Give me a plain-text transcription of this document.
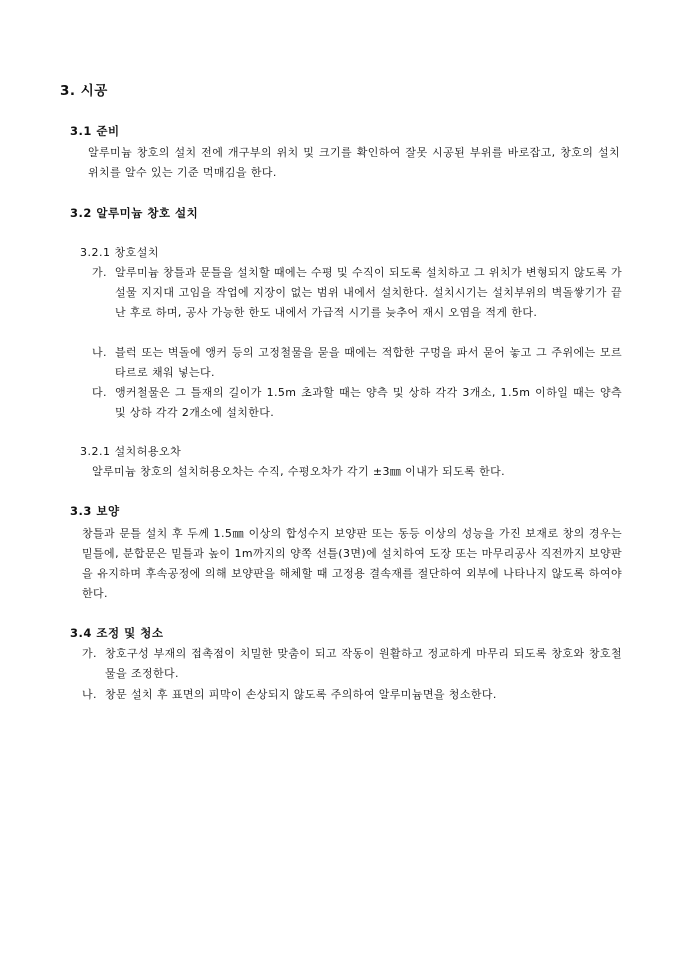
3. 시공
3.1 준비
알루미늄 창호의 설치 전에 개구부의 위치 및 크기를 확인하여 잘못 시공된 부위를 바로잡고, 창호의 설치위치를 알수 있는 기준 먹매김을 한다.
3.2 알루미늄 창호 설치
3.2.1 창호설치
가. 알루미늄 창틀과 문틀을 설치할 때에는 수평 및 수직이 되도록 설치하고 그 위치가 변형되지 않도록 가설물 지지대 고임을 작업에 지장이 없는 범위 내에서 설치한다. 설치시기는 설치부위의 벽돌쌓기가 끝난 후로 하며, 공사 가능한 한도 내에서 가급적 시기를 늦추어 재시 오염을 적게 한다.
나. 블럭 또는 벽돌에 앵커 등의 고정철물을 묻을 때에는 적합한 구멍을 파서 묻어 놓고 그 주위에는 모르타르로 채워 넣는다.
다. 앵커철물은 그 틀재의 길이가 1.5m 초과할 때는 양측 및 상하 각각 3개소, 1.5m 이하일 때는 양측 및 상하 각각 2개소에 설치한다.
3.2.1 설치허용오차
알루미늄 창호의 설치허용오차는 수직, 수평오차가 각기 ±3㎜ 이내가 되도록 한다.
3.3 보양
창틀과 문틀 설치 후 두께 1.5㎜ 이상의 합성수지 보양판 또는 동등 이상의 성능을 가진 보재로 창의 경우는 밑틀에, 분합문은 밑틀과 높이 1m까지의 양쪽 선틀(3면)에 설치하여 도장 또는 마무리공사 직전까지 보양판을 유지하며 후속공정에 의해 보양판을 해체할 때 고정용 결속재를 절단하여 외부에 나타나지 않도록 하여야 한다.
3.4 조정 및 청소
가. 창호구성 부재의 접촉점이 치밀한 맞춤이 되고 작동이 원활하고 정교하게 마무리 되도록 창호와 창호철물을 조정한다.
나. 창문 설치 후 표면의 피막이 손상되지 않도록 주의하여 알루미늄면을 청소한다.
